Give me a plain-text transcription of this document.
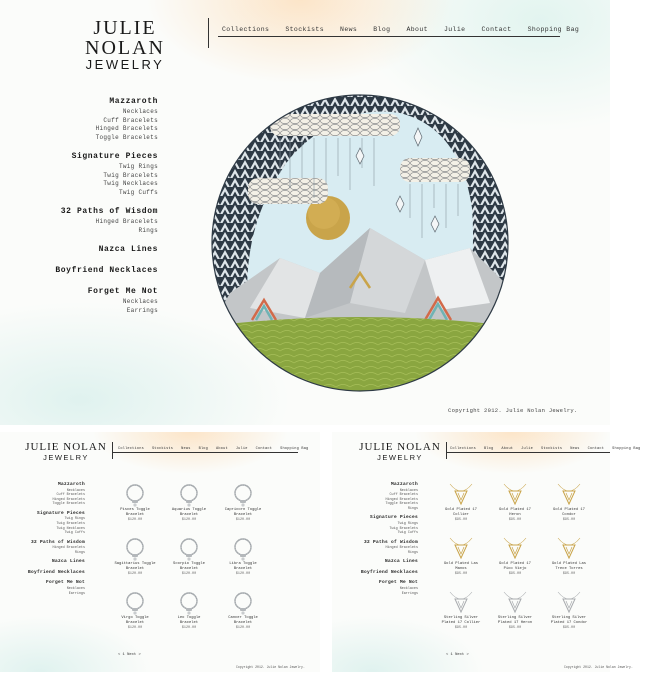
JULIE NOLAN
JEWELRY
Collections Stockists News Blog About Julie Contact Shopping Bag
Mazzaroth
Necklaces
Cuff Bracelets
Hinged Bracelets
Toggle Bracelets
Signature Pieces
Twig Rings
Twig Bracelets
Twig Necklaces
Twig Cuffs
32 Paths of Wisdom
Hinged Bracelets
Rings
Nazca Lines
Boyfriend Necklaces
Forget Me Not
Necklaces
Earrings
Copyright 2012. Julie Nolan Jewelry.
JULIE NOLAN
JEWELRY
Collections Stockists News Blog About Julie Contact Shopping Bag
Mazzaroth
Necklaces
Cuff Bracelets
Hinged Bracelets
Toggle Bracelets
Signature Pieces
Twig Rings
Twig Bracelets
Twig Necklaces
Twig Cuffs
32 Paths of Wisdom
Hinged Bracelets
Rings
Nazca Lines
Boyfriend Necklaces
Forget Me Not
Necklaces
Earrings
Pisces Toggle
Bracelet
$120.00
Aquarius Toggle
Bracelet
$120.00
Capricorn Toggle
Bracelet
$120.00
Sagittarius Toggle
Bracelet
$120.00
Scorpio Toggle
Bracelet
$120.00
Libra Toggle
Bracelet
$120.00
Virgo Toggle
Bracelet
$120.00
Leo Toggle
Bracelet
$120.00
Cancer Toggle
Bracelet
$120.00
< 1 Next >
Copyright 2012. Julie Nolan Jewelry.
JULIE NOLAN
JEWELRY
Collections Blog About Julie Stockists News Contact Shopping Bag
Mazzaroth
Necklaces
Cuff Bracelets
Hinged Bracelets
Toggle Bracelets
Rings
Signature Pieces
Twig Rings
Twig Bracelets
Twig Cuffs
32 Paths of Wisdom
Hinged Bracelets
Rings
Nazca Lines
Boyfriend Necklaces
Forget Me Not
Necklaces
Earrings
Gold Plated 17
Collier
$95.00
Gold Plated 17
Heron
$95.00
Gold Plated 17
Condor
$95.00
Gold Plated Las
Manos
$95.00
Gold Plated 17
Pico Viejo
$95.00
Gold Plated Las
Trece Torres
$95.00
Sterling Silver
Plated 17 Collier
$95.00
Sterling Silver
Plated 17 Heron
$95.00
Sterling Silver
Plated 17 Condor
$95.00
< 1 Next >
Copyright 2012. Julie Nolan Jewelry.
